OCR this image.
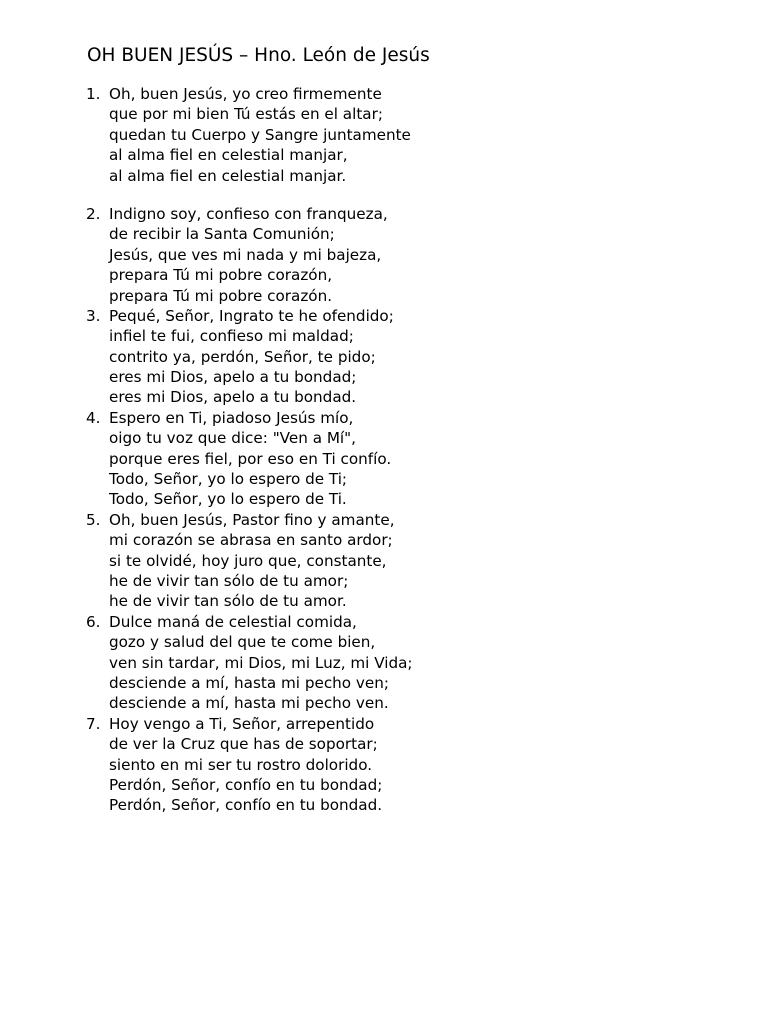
OH BUEN JESÚS – Hno. León de Jesús
1. Oh, buen Jesús, yo creo firmemente
que por mi bien Tú estás en el altar;
quedan tu Cuerpo y Sangre juntamente
al alma fiel en celestial manjar,
al alma fiel en celestial manjar.
2. Indigno soy, confieso con franqueza,
de recibir la Santa Comunión;
Jesús, que ves mi nada y mi bajeza,
prepara Tú mi pobre corazón,
prepara Tú mi pobre corazón.
3. Pequé, Señor, Ingrato te he ofendido;
infiel te fui, confieso mi maldad;
contrito ya, perdón, Señor, te pido;
eres mi Dios, apelo a tu bondad;
eres mi Dios, apelo a tu bondad.
4. Espero en Ti, piadoso Jesús mío,
oigo tu voz que dice: "Ven a Mí",
porque eres fiel, por eso en Ti confío.
Todo, Señor, yo lo espero de Ti;
Todo, Señor, yo lo espero de Ti.
5. Oh, buen Jesús, Pastor fino y amante,
mi corazón se abrasa en santo ardor;
si te olvidé, hoy juro que, constante,
he de vivir tan sólo de tu amor;
he de vivir tan sólo de tu amor.
6. Dulce maná de celestial comida,
gozo y salud del que te come bien,
ven sin tardar, mi Dios, mi Luz, mi Vida;
desciende a mí, hasta mi pecho ven;
desciende a mí, hasta mi pecho ven.
7. Hoy vengo a Ti, Señor, arrepentido
de ver la Cruz que has de soportar;
siento en mi ser tu rostro dolorido.
Perdón, Señor, confío en tu bondad;
Perdón, Señor, confío en tu bondad.
